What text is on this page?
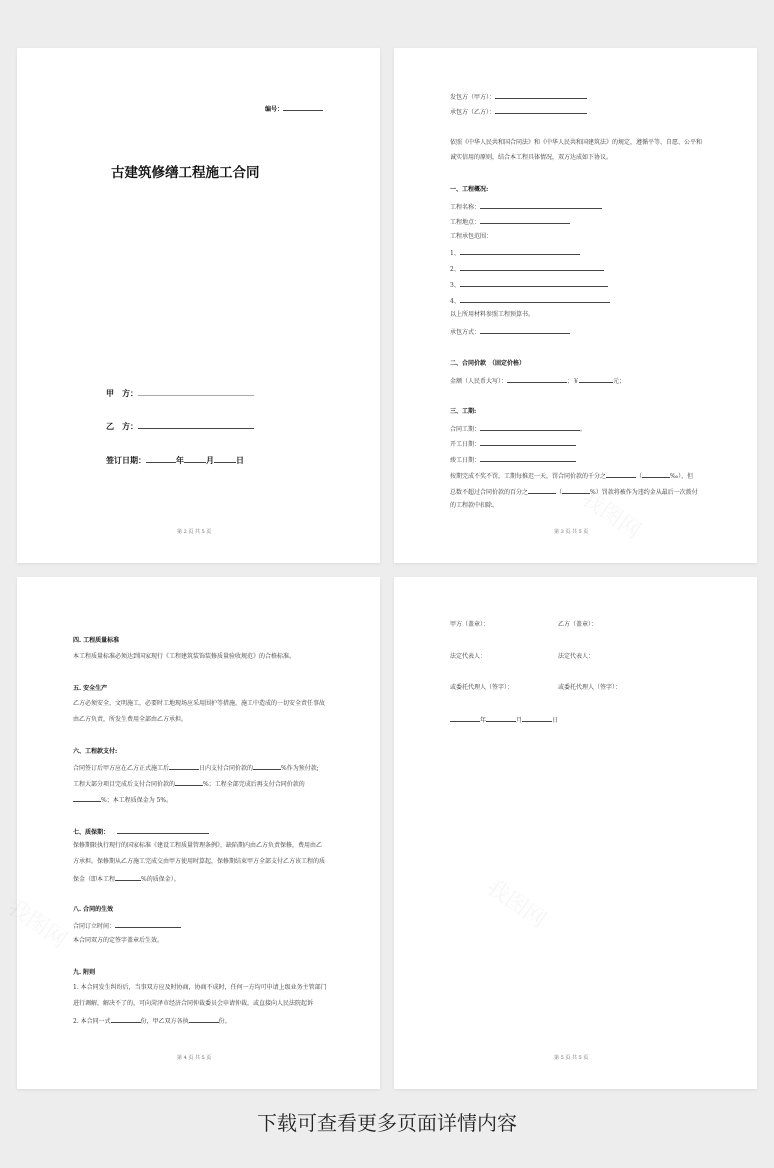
编号：
古建筑修缮工程施工合同
甲　方：
乙　方：
签订日期：	年	月	日
第 2 页 共 5 页
发包方（甲方）：
承包方（乙方）：
依照《中华人民共和国合同法》和《中华人民共和国建筑法》的规定，遵循平等、自愿、公平和
诚实信用的原则，结合本工程具体情况，双方达成如下协议。
一、工程概况:
工程名称：
工程地点：
工程承包范围：
1、
2、
3、
4、
以上所用材料参照工程预算书。
承包方式：
二、合同价款　（固定价格）
金额（人民币大写）：	；￥	元；
三、工期:
合同工期：	。
开工日期：
竣工日期：
按期完成不奖不罚，工期每推迟一天，罚合同价款的千分之	（	‰），但
总数不超过合同价款的百分之	（	%）罚款将被作为违约金从最后一次拨付
的工程款中扣除。
第 3 页 共 5 页
四. 工程质量标准
本工程质量标准必须达到国家现行《工程建筑装饰装修质量验收规范》的合格标准。
五. 安全生产
乙方必须安全、文明施工，必要时工地现场应采用围护等措施，施工中造成的一切安全责任事故
由乙方负责，所发生费用全部由乙方承担。
六、工程款支付:
合同签订后甲方应在乙方正式施工后	日内支付合同价款的	%作为预付款;
工程大部分项目完成后支付合同价款的	%；工程全部完成后再支付合同价款的
%；本工程质保金为 5%。
七、质保期：
保修期限执行现行的国家标准《建设工程质量管理条例》，缺陷期内由乙方负责保修，费用由乙
方承担。保修期从乙方施工完成交由甲方使用时算起，保修期结束甲方全部支付乙方该工程的质
保金（即本工程	%的质保金）。
八. 合同的生效
合同订立时间：
本合同双方的定签字盖章后生效。
九. 附则
1. 本合同发生纠纷后，当事双方应及时协商，协商不成时，任何一方均可申请上级业务主管部门
进行调解，解决不了的，可向菏泽市经济合同仲裁委员会申请仲裁，或直接向人民法院起诉
2. 本合同一式	份，甲乙双方各执	份。
第 4 页 共 5 页
甲方（盖章）：	乙方（盖章）：
法定代表人：	法定代表人：
或委托代理人（签字）：	或委托代理人（签字）：
年	月	日
第 5 页 共 5 页
下载可查看更多页面详情内容
